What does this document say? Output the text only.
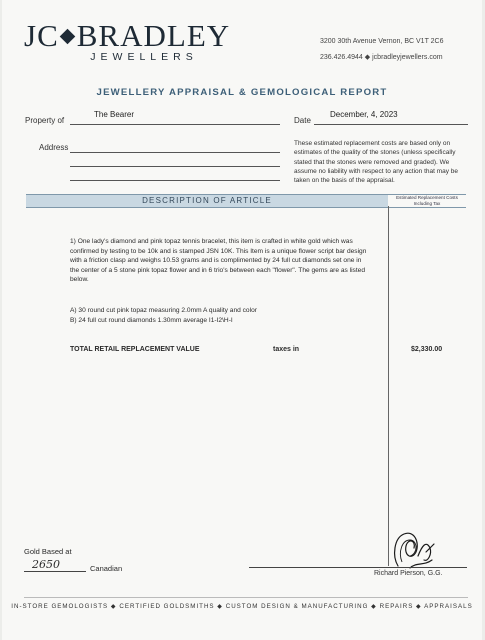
JC BRADLEY
JEWELLERS
3200 30th Avenue Vernon, BC V1T 2C6
236.426.4944 ◆ jcbradleyjewellers.com
JEWELLERY APPRAISAL & GEMOLOGICAL REPORT
Property of
The Bearer
Date
December, 4, 2023
Address	These estimated replacement costs are based only on estimates of the quality of the stones (unless specifically stated that the stones were removed and graded). We assume no liability with respect to any action that may be taken on the basis of the appraisal.
DESCRIPTION OF ARTICLE	Estimated Replacement Costs Including Tax
1) One lady's diamond and pink topaz tennis bracelet, this item is crafted in white gold which was confirmed by testing to be 10k and is stamped JSN 10K. This Item is a unique flower script bar design with a friction clasp and weighs 10.53 grams and is complimented by 24 full cut diamonds set one in the center of a 5 stone pink topaz flower and in 6 trio's between each "flower". The gems are as listed below.
A) 30 round cut pink topaz measuring 2.0mm A quality and color
B) 24 full cut round diamonds 1.30mm average I1-I2\H-I
TOTAL RETAIL REPLACEMENT VALUE	taxes in	$2,330.00
Gold Based at
2650	Canadian
Richard Pierson, G.G.
IN-STORE GEMOLOGISTS ◆ CERTIFIED GOLDSMITHS ◆ CUSTOM DESIGN & MANUFACTURING ◆ REPAIRS ◆ APPRAISALS
